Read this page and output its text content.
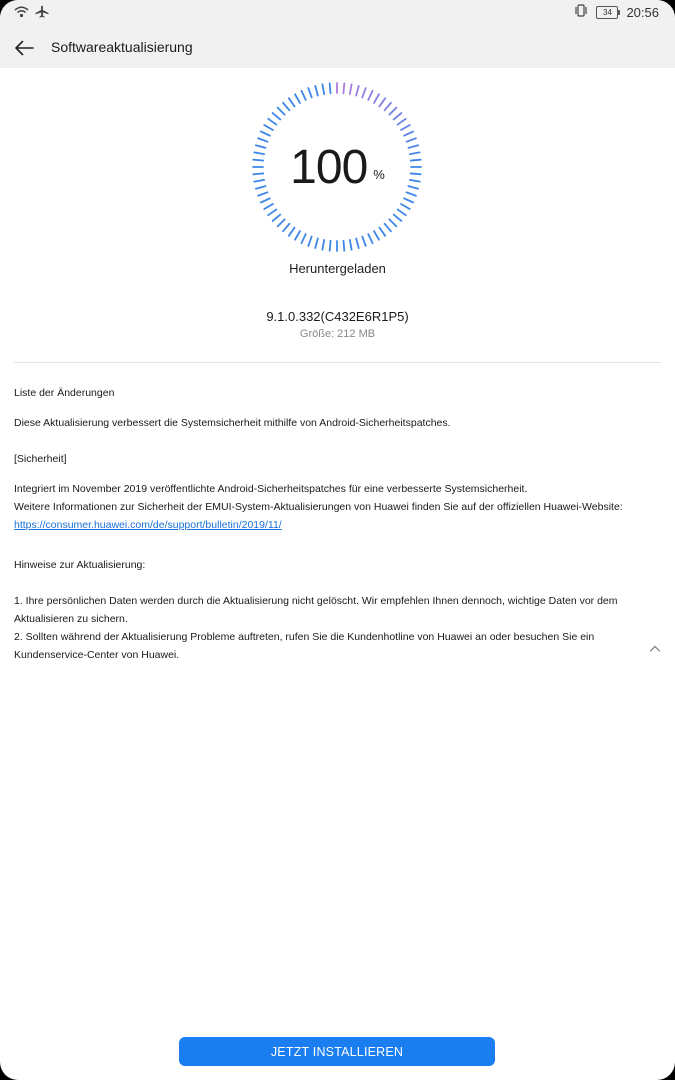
34	20:56
Softwareaktualisierung
100 %
Heruntergeladen
9.1.0.332(C432E6R1P5)
Größe: 212 MB

Liste der Änderungen

Diese Aktualisierung verbessert die Systemsicherheit mithilfe von Android-Sicherheitspatches.

[Sicherheit]

Integriert im November 2019 veröffentlichte Android-Sicherheitspatches für eine verbesserte Systemsicherheit.

Weitere Informationen zur Sicherheit der EMUI-System-Aktualisierungen von Huawei finden Sie auf der offiziellen Huawei-Website:

https://consumer.huawei.com/de/support/bulletin/2019/11/

Hinweise zur Aktualisierung:

1. Ihre persönlichen Daten werden durch die Aktualisierung nicht gelöscht. Wir empfehlen Ihnen dennoch, wichtige Daten vor dem Aktualisieren zu sichern.

2. Sollten während der Aktualisierung Probleme auftreten, rufen Sie die Kundenhotline von Huawei an oder besuchen Sie ein Kundenservice-Center von Huawei.

JETZT INSTALLIEREN
